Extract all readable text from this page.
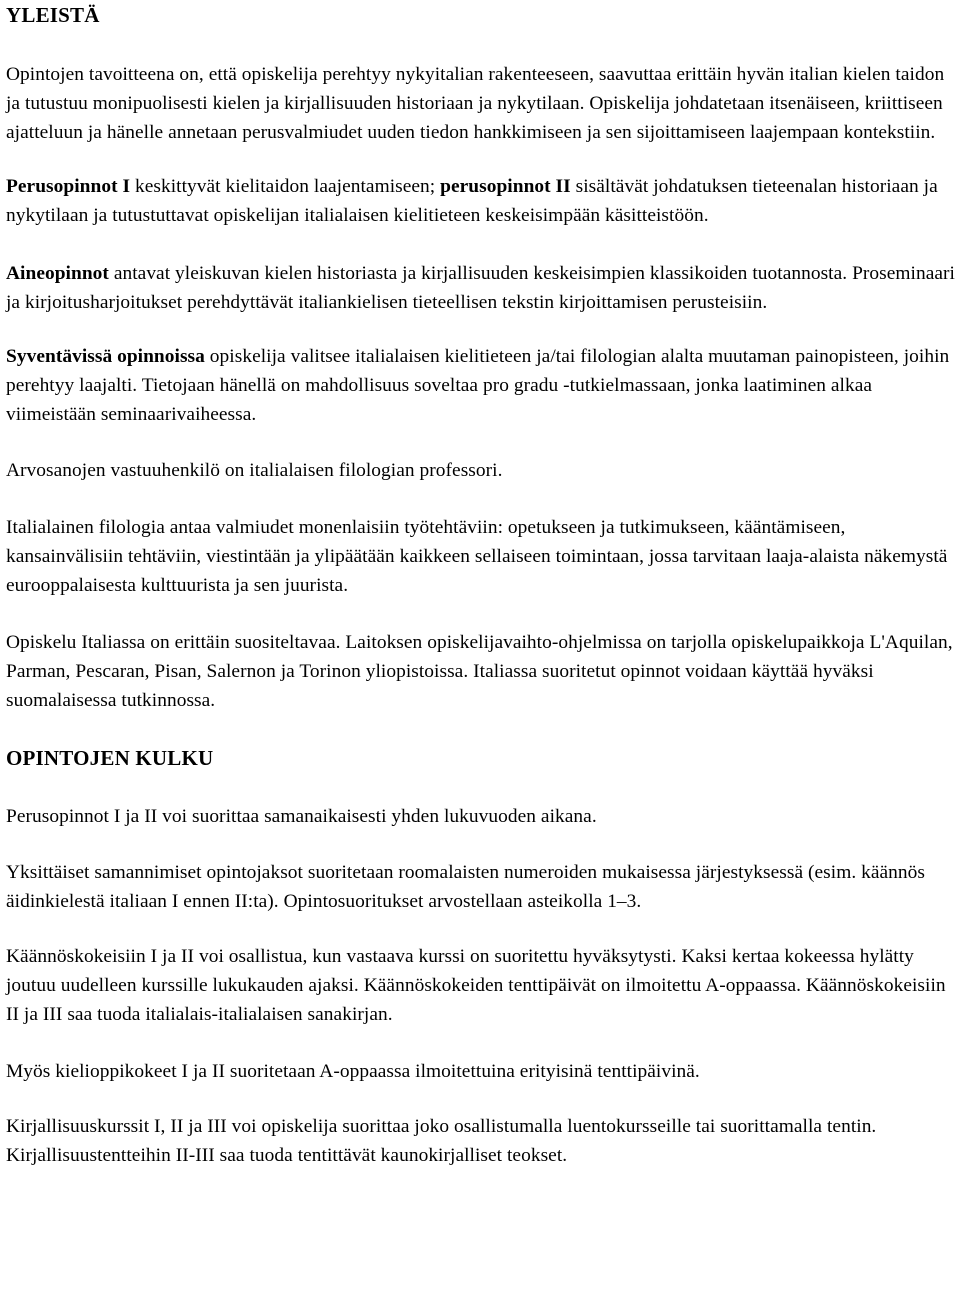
YLEISTÄ

Opintojen tavoitteena on, että opiskelija perehtyy nykyitalian rakenteeseen, saavuttaa erittäin hyvän italian kielen taidon ja tutustuu monipuolisesti kielen ja kirjallisuuden historiaan ja nykytilaan. Opiskelija johdatetaan itsenäiseen, kriittiseen ajatteluun ja hänelle annetaan perusvalmiudet uuden tiedon hankkimiseen ja sen sijoittamiseen laajempaan kontekstiin.

Perusopinnot I keskittyvät kielitaidon laajentamiseen; perusopinnot II sisältävät johdatuksen tieteenalan historiaan ja nykytilaan ja tutustuttavat opiskelijan italialaisen kielitieteen keskeisimpään käsitteistöön.

Aineopinnot antavat yleiskuvan kielen historiasta ja kirjallisuuden keskeisimpien klassikoiden tuotannosta. Proseminaari ja kirjoitusharjoitukset perehdyttävät italiankielisen tieteellisen tekstin kirjoittamisen perusteisiin.

Syventävissä opinnoissa opiskelija valitsee italialaisen kielitieteen ja/tai filologian alalta muutaman painopisteen, joihin perehtyy laajalti. Tietojaan hänellä on mahdollisuus soveltaa pro gradu -tutkielmassaan, jonka laatiminen alkaa viimeistään seminaarivaiheessa.

Arvosanojen vastuuhenkilö on italialaisen filologian professori.

Italialainen filologia antaa valmiudet monenlaisiin työtehtäviin: opetukseen ja tutkimukseen, kääntämiseen, kansainvälisiin tehtäviin, viestintään ja ylipäätään kaikkeen sellaiseen toimintaan, jossa tarvitaan laaja-alaista näkemystä eurooppalaisesta kulttuurista ja sen juurista.

Opiskelu Italiassa on erittäin suositeltavaa. Laitoksen opiskelijavaihto-ohjelmissa on tarjolla opiskelupaikkoja L'Aquilan, Parman, Pescaran, Pisan, Salernon ja Torinon yliopistoissa. Italiassa suoritetut opinnot voidaan käyttää hyväksi suomalaisessa tutkinnossa.

OPINTOJEN KULKU

Perusopinnot I ja II voi suorittaa samanaikaisesti yhden lukuvuoden aikana.

Yksittäiset samannimiset opintojaksot suoritetaan roomalaisten numeroiden mukaisessa järjestyksessä (esim. käännös äidinkielestä italiaan I ennen II:ta). Opintosuoritukset arvostellaan asteikolla 1–3.

Käännöskokeisiin I ja II voi osallistua, kun vastaava kurssi on suoritettu hyväksytysti. Kaksi kertaa kokeessa hylätty joutuu uudelleen kurssille lukukauden ajaksi. Käännöskokeiden tenttipäivät on ilmoitettu A-oppaassa. Käännöskokeisiin II ja III saa tuoda italialais-italialaisen sanakirjan.

Myös kielioppikokeet I ja II suoritetaan A-oppaassa ilmoitettuina erityisinä tenttipäivinä.

Kirjallisuuskurssit I, II ja III voi opiskelija suorittaa joko osallistumalla luentokursseille tai suorittamalla tentin. Kirjallisuustentteihin II-III saa tuoda tentittävät kaunokirjalliset teokset.
